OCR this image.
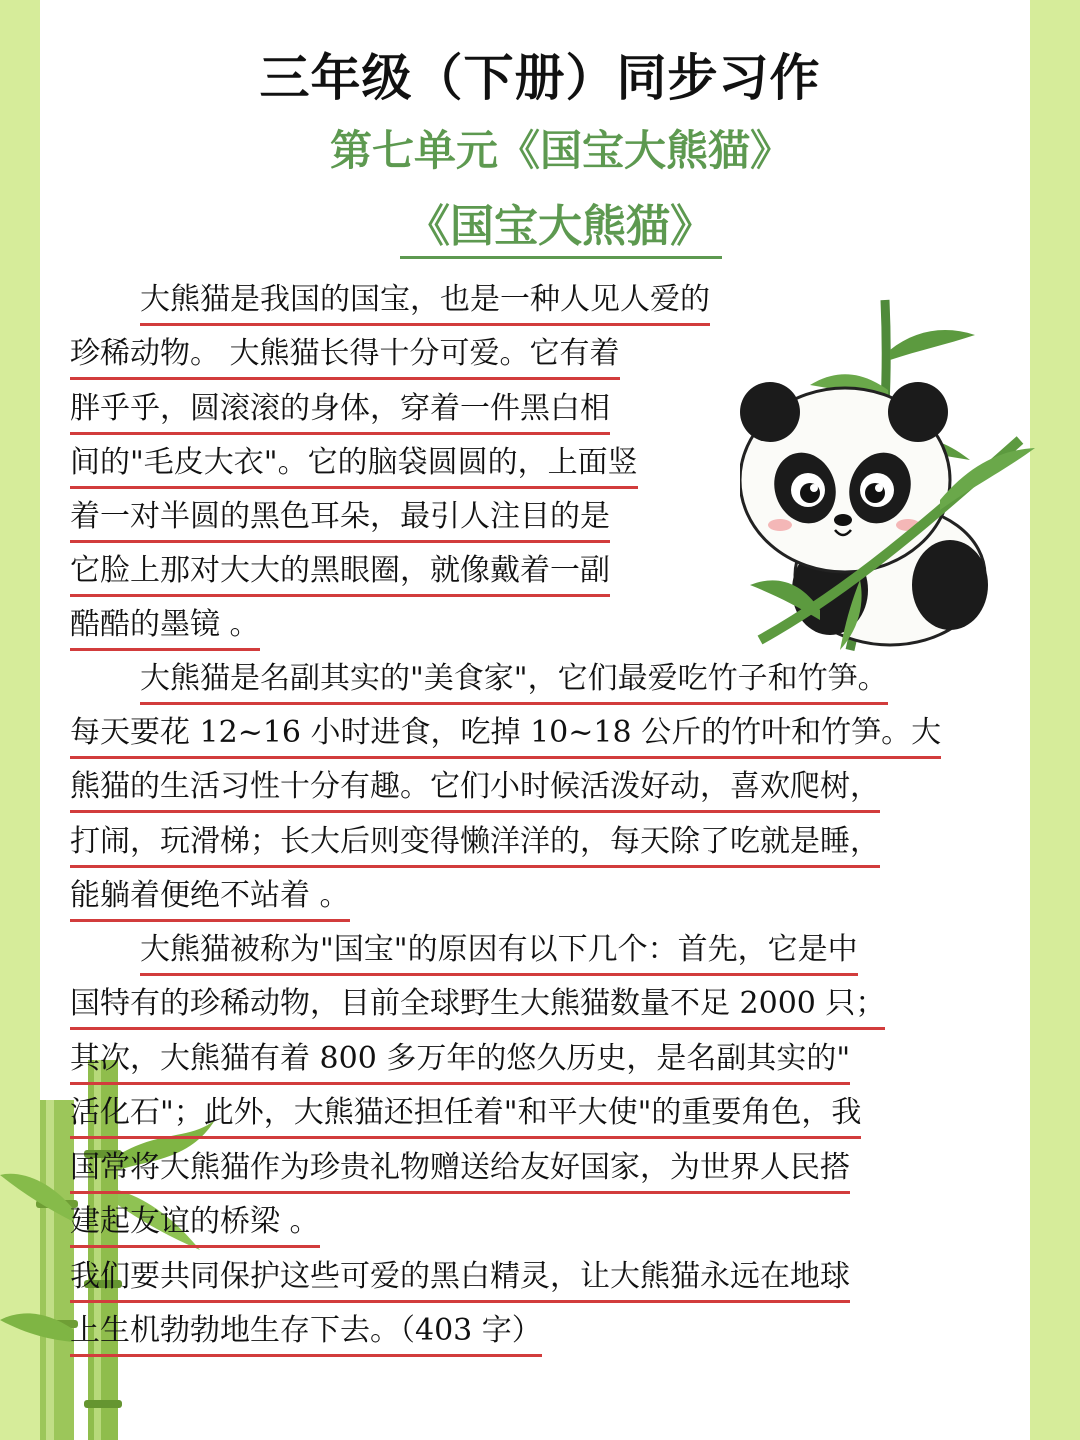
三年级（下册）同步习作
第七单元《国宝大熊猫》
《国宝大熊猫》
大熊猫是我国的国宝，也是一种人见人爱的
珍稀动物。 大熊猫长得十分可爱。它有着
胖乎乎，圆滚滚的身体，穿着一件黑白相
间的"毛皮大衣"。它的脑袋圆圆的，上面竖
着一对半圆的黑色耳朵，最引人注目的是
它脸上那对大大的黑眼圈，就像戴着一副
酷酷的墨镜 。
大熊猫是名副其实的"美食家"，它们最爱吃竹子和竹笋。
每天要花 12~16 小时进食，吃掉 10~18 公斤的竹叶和竹笋。大
熊猫的生活习性十分有趣。它们小时候活泼好动，喜欢爬树，
打闹，玩滑梯；长大后则变得懒洋洋的，每天除了吃就是睡，
能躺着便绝不站着 。
大熊猫被称为"国宝"的原因有以下几个：首先，它是中
国特有的珍稀动物，目前全球野生大熊猫数量不足 2000 只；
其次，大熊猫有着 800 多万年的悠久历史，是名副其实的"
活化石"；此外，大熊猫还担任着"和平大使"的重要角色，我
国常将大熊猫作为珍贵礼物赠送给友好国家，为世界人民搭
建起友谊的桥梁 。
我们要共同保护这些可爱的黑白精灵，让大熊猫永远在地球
上生机勃勃地生存下去。（403 字）
